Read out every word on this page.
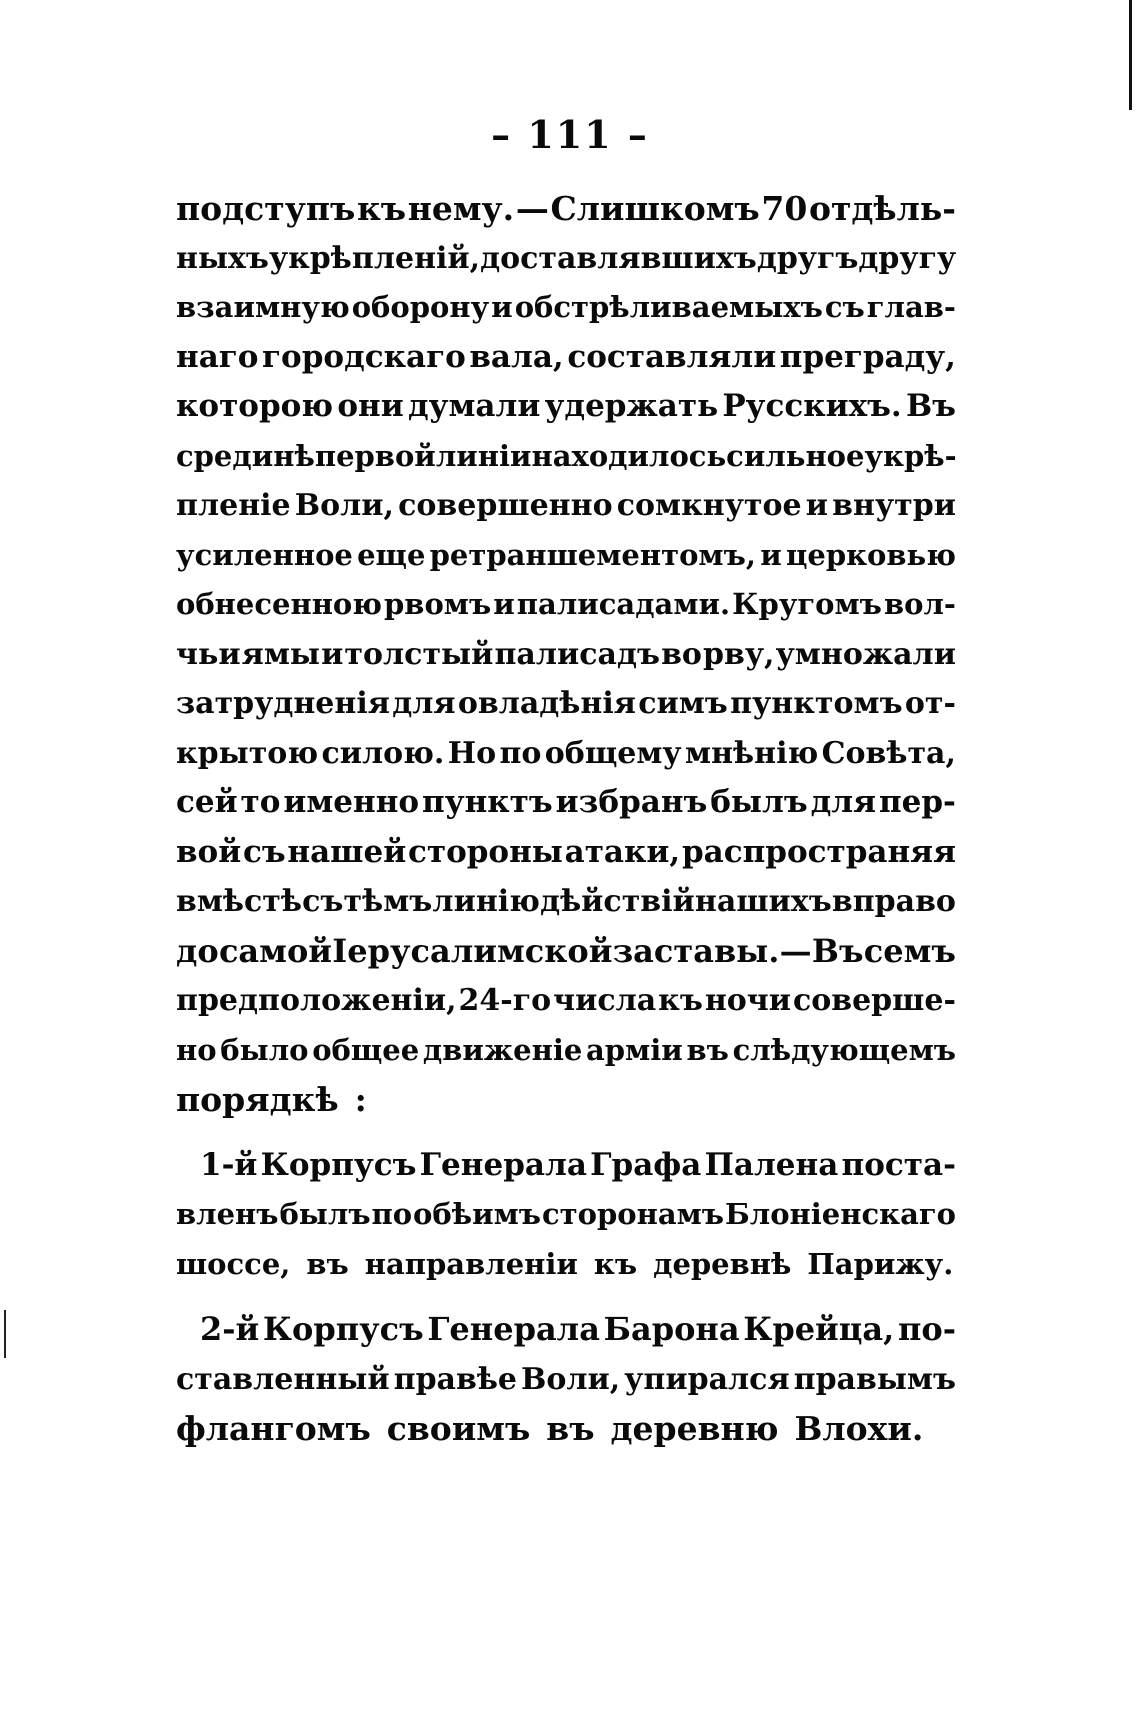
– 111 –
подступъ къ нему. — Слишкомъ 70 отдѣль-
ныхъ укрѣпленій, доставлявшихъ другъ другу
взаимную оборону и обстрѣливаемыхъ съ глав-
наго городскаго вала, составляли преграду,
которою они думали удержать Русскихъ. Въ
срединѣ первой линіи находилось сильное укрѣ-
пленіе Воли, совершенно сомкнутое и внутри
усиленное еще ретраншементомъ, и церковью
обнесенною рвомъ и палисадами. Кругомъ вол-
чьи ямы и толстый палисадъ во рву, умножали
затрудненія для овладѣнія симъ пунктомъ от-
крытою силою. Но по общему мнѣнію Совѣта,
сей то именно пунктъ избранъ былъ для пер-
вой съ нашей стороны атаки, распространяя
вмѣстѣ съ тѣмъ линію дѣйствій нашихъ вправо
до самой Іерусалимской заставы. — Въ семъ
предположеніи, 24-го числа къ ночи соверше-
но было общее движеніе арміи въ слѣдующемъ
порядкѣ :
1-й Корпусъ Генерала Графа Палена поста-
вленъ былъ по обѣимъ сторонамъ Блоніенскаго
шоссе, въ направленіи къ деревнѣ Парижу.
2-й Корпусъ Генерала Барона Крейца, по-
ставленный правѣе Воли, упирался правымъ
флангомъ своимъ въ деревню Влохи.
